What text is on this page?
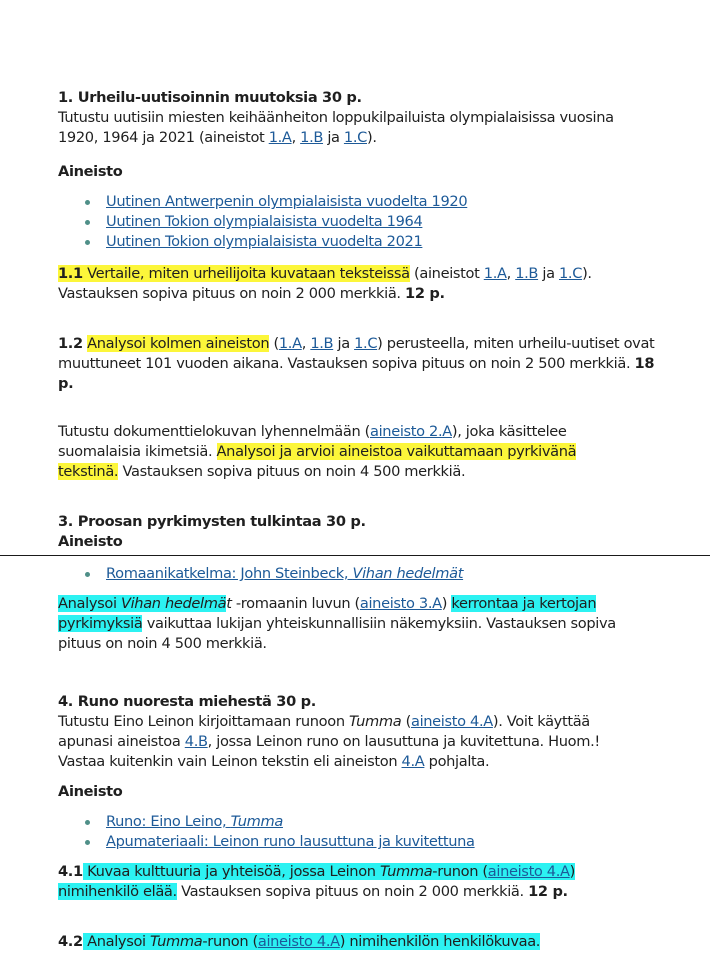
1. Urheilu-uutisoinnin muutoksia 30 p.

Tutustu uutisiin miesten keihäänheiton loppukilpailuista olympialaisissa vuosina 1920, 1964 ja 2021 (aineistot 1.A, 1.B ja 1.C).

Aineisto

Uutinen Antwerpenin olympialaisista vuodelta 1920
Uutinen Tokion olympialaisista vuodelta 1964
Uutinen Tokion olympialaisista vuodelta 2021

1.1 Vertaile, miten urheilijoita kuvataan teksteissä (aineistot 1.A, 1.B ja 1.C).
Vastauksen sopiva pituus on noin 2 000 merkkiä. 12 p.

1.2 Analysoi kolmen aineiston (1.A, 1.B ja 1.C) perusteella, miten urheilu-uutiset ovat muuttuneet 101 vuoden aikana. Vastauksen sopiva pituus on noin 2 500 merkkiä. 18 p.

Tutustu dokumenttielokuvan lyhennelmään (aineisto 2.A), joka käsittelee suomalaisia ikimetsiä. Analysoi ja arvioi aineistoa vaikuttamaan pyrkivänä tekstinä. Vastauksen sopiva pituus on noin 4 500 merkkiä.

3. Proosan pyrkimysten tulkintaa 30 p.

Aineisto

Romaanikatkelma: John Steinbeck, Vihan hedelmät

Analysoi Vihan hedelmät -romaanin luvun (aineisto 3.A) kerrontaa ja kertojan pyrkimyksiä vaikuttaa lukijan yhteiskunnallisiin näkemyksiin. Vastauksen sopiva pituus on noin 4 500 merkkiä.

4. Runo nuoresta miehestä 30 p.

Tutustu Eino Leinon kirjoittamaan runoon Tumma (aineisto 4.A). Voit käyttää apunasi aineistoa 4.B, jossa Leinon runo on lausuttuna ja kuvitettuna. Huom.! Vastaa kuitenkin vain Leinon tekstin eli aineiston 4.A pohjalta.

Aineisto

Runo: Eino Leino, Tumma
Apumateriaali: Leinon runo lausuttuna ja kuvitettuna

4.1 Kuvaa kulttuuria ja yhteisöä, jossa Leinon Tumma-runon (aineisto 4.A) nimihenkilö elää. Vastauksen sopiva pituus on noin 2 000 merkkiä. 12 p.

4.2 Analysoi Tumma-runon (aineisto 4.A) nimihenkilön henkilökuvaa.
